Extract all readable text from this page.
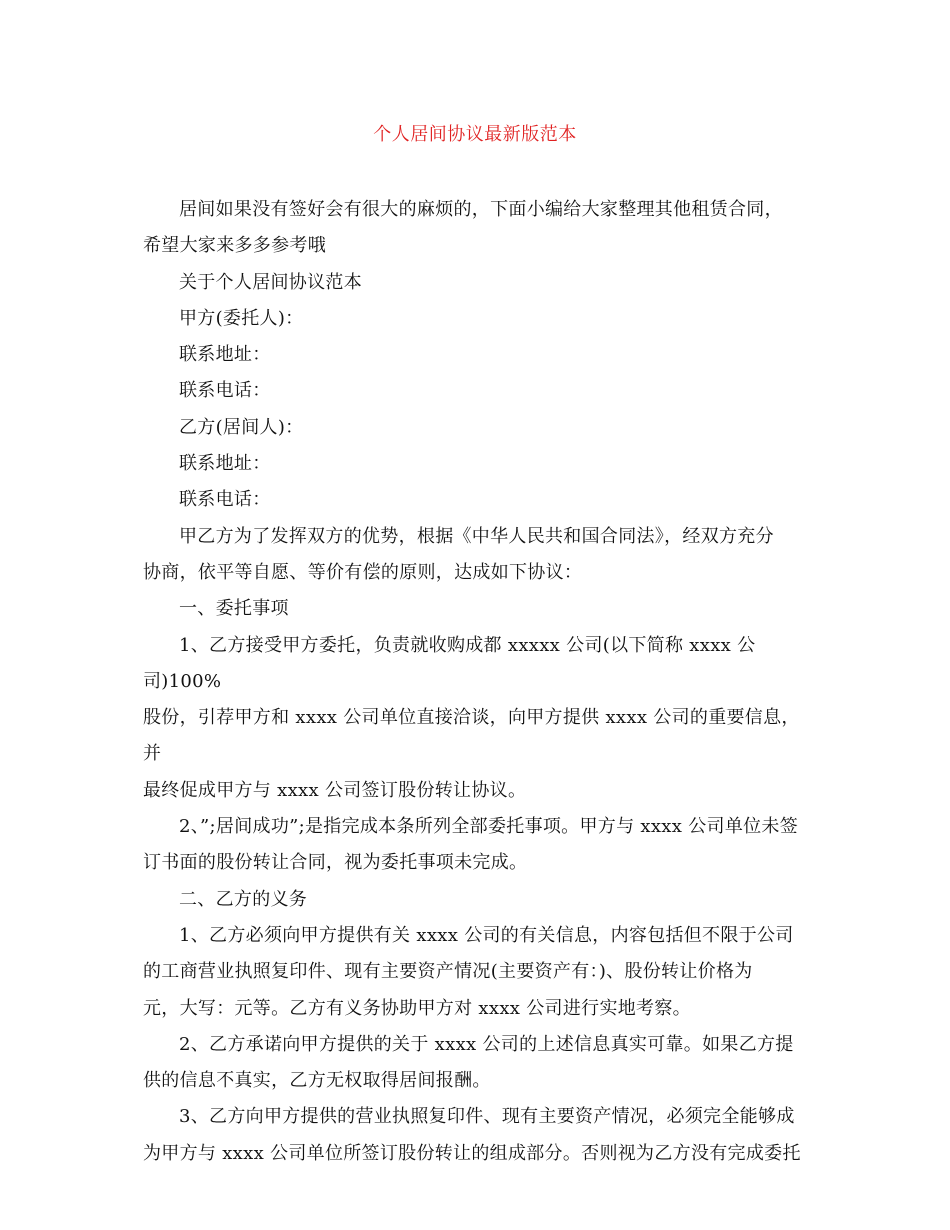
个人居间协议最新版范本
居间如果没有签好会有很大的麻烦的，下面小编给大家整理其他租赁合同，
希望大家来多多参考哦
关于个人居间协议范本
甲方(委托人)：
联系地址：
联系电话：
乙方(居间人)：
联系地址：
联系电话：
甲乙方为了发挥双方的优势，根据《中华人民共和国合同法》，经双方充分
协商，依平等自愿、等价有偿的原则，达成如下协议：
一、委托事项
1、乙方接受甲方委托，负责就收购成都 xxxxx 公司(以下简称 xxxx 公司)100%
股份，引荐甲方和 xxxx 公司单位直接洽谈，向甲方提供 xxxx 公司的重要信息，并
最终促成甲方与 xxxx 公司签订股份转让协议。
2、”;居间成功”;是指完成本条所列全部委托事项。甲方与 xxxx 公司单位未签
订书面的股份转让合同，视为委托事项未完成。
二、乙方的义务
1、乙方必须向甲方提供有关 xxxx 公司的有关信息，内容包括但不限于公司
的工商营业执照复印件、现有主要资产情况(主要资产有：)、股份转让价格为
元，大写：元等。乙方有义务协助甲方对 xxxx 公司进行实地考察。
2、乙方承诺向甲方提供的关于 xxxx 公司的上述信息真实可靠。如果乙方提
供的信息不真实，乙方无权取得居间报酬。
3、乙方向甲方提供的营业执照复印件、现有主要资产情况，必须完全能够成
为甲方与 xxxx 公司单位所签订股份转让的组成部分。否则视为乙方没有完成委托
